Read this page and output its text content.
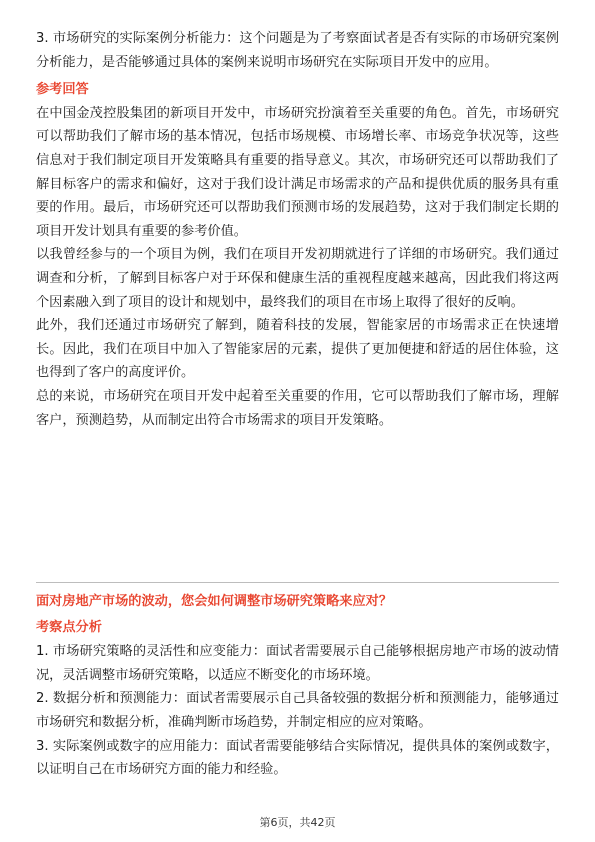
3. 市场研究的实际案例分析能力：这个问题是为了考察面试者是否有实际的市场研究案例分析能力，是否能够通过具体的案例来说明市场研究在实际项目开发中的应用。

参考回答

在中国金茂控股集团的新项目开发中，市场研究扮演着至关重要的角色。首先，市场研究可以帮助我们了解市场的基本情况，包括市场规模、市场增长率、市场竞争状况等，这些信息对于我们制定项目开发策略具有重要的指导意义。其次，市场研究还可以帮助我们了解目标客户的需求和偏好，这对于我们设计满足市场需求的产品和提供优质的服务具有重要的作用。最后，市场研究还可以帮助我们预测市场的发展趋势，这对于我们制定长期的项目开发计划具有重要的参考价值。

以我曾经参与的一个项目为例，我们在项目开发初期就进行了详细的市场研究。我们通过调查和分析，了解到目标客户对于环保和健康生活的重视程度越来越高，因此我们将这两个因素融入到了项目的设计和规划中，最终我们的项目在市场上取得了很好的反响。

此外，我们还通过市场研究了解到，随着科技的发展，智能家居的市场需求正在快速增长。因此，我们在项目中加入了智能家居的元素，提供了更加便捷和舒适的居住体验，这也得到了客户的高度评价。

总的来说，市场研究在项目开发中起着至关重要的作用，它可以帮助我们了解市场，理解客户，预测趋势，从而制定出符合市场需求的项目开发策略。

面对房地产市场的波动，您会如何调整市场研究策略来应对？
考察点分析

1. 市场研究策略的灵活性和应变能力：面试者需要展示自己能够根据房地产市场的波动情况，灵活调整市场研究策略，以适应不断变化的市场环境。

2. 数据分析和预测能力：面试者需要展示自己具备较强的数据分析和预测能力，能够通过市场研究和数据分析，准确判断市场趋势，并制定相应的应对策略。

3. 实际案例或数字的应用能力：面试者需要能够结合实际情况，提供具体的案例或数字，以证明自己在市场研究方面的能力和经验。

第6页，共42页
